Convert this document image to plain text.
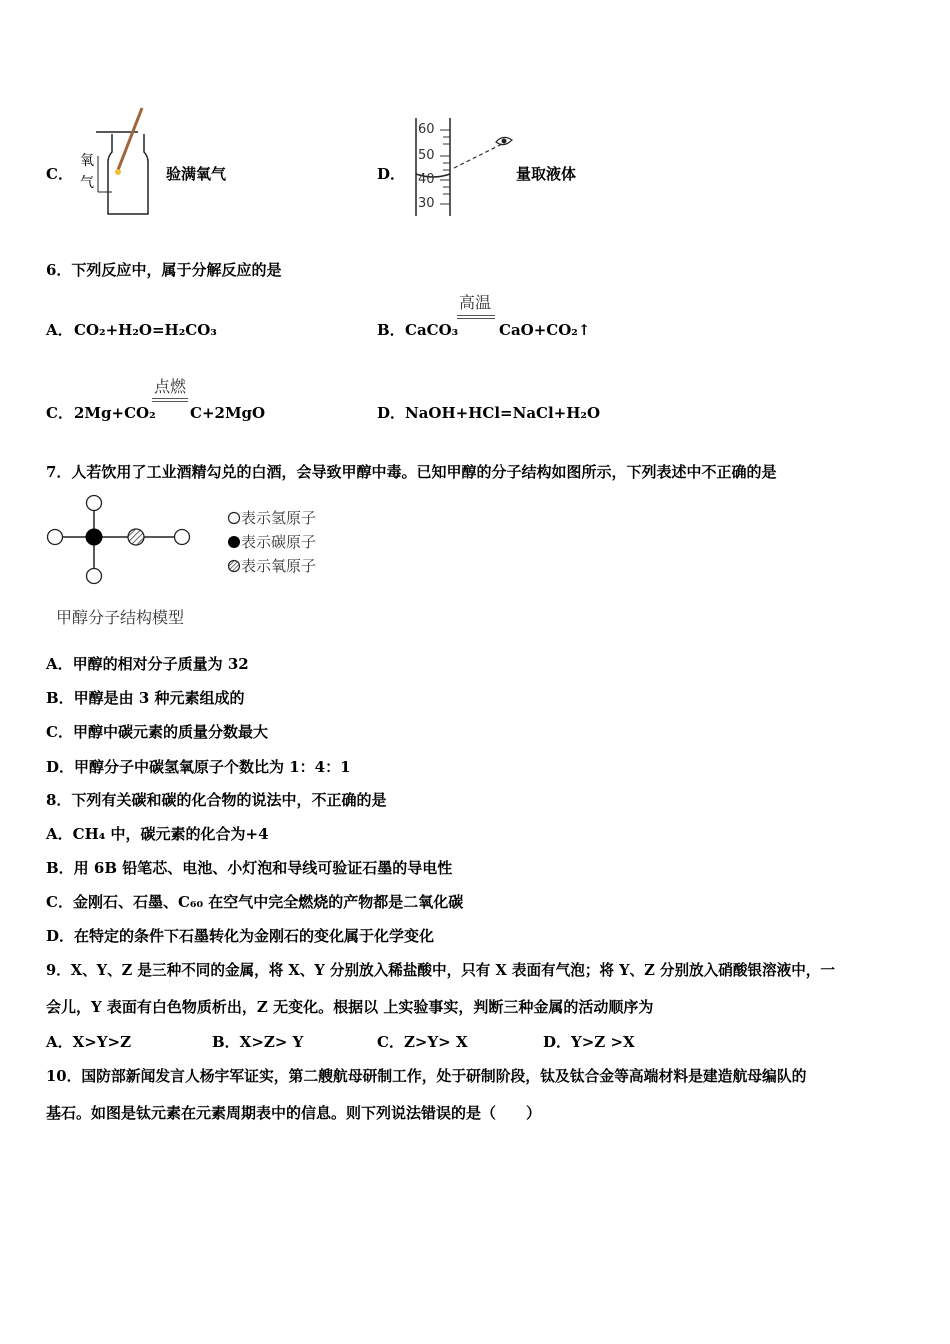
C．
氧
气	验满氧气	D．
60
50
40
30
量取液体
6．下列反应中，属于分解反应的是
A． CO₂+H₂O=H₂CO₃	B． CaCO₃
高温
CaO+CO₂↑
C． 2Mg+CO₂
点燃
C+2MgO	D． NaOH+HCl=NaCl+H₂O
7．人若饮用了工业酒精勾兑的白酒，会导致甲醇中毒。已知甲醇的分子结构如图所示，下列表述中不正确的是
表示氢原子
表示碳原子
表示氧原子
甲醇分子结构模型
A．甲醇的相对分子质量为 32
B．甲醇是由 3 种元素组成的
C．甲醇中碳元素的质量分数最大
D．甲醇分子中碳氢氧原子个数比为 1：4：1
8．下列有关碳和碳的化合物的说法中，不正确的是
A．CH₄ 中，碳元素的化合为+4
B．用 6B 铅笔芯、电池、小灯泡和导线可验证石墨的导电性
C．金刚石、石墨、C₆₀ 在空气中完全燃烧的产物都是二氧化碳
D．在特定的条件下石墨转化为金刚石的变化属于化学变化
9．X、Y、Z 是三种不同的金属，将 X、Y 分别放入稀盐酸中，只有 X 表面有气泡；将 Y、Z 分别放入硝酸银溶液中，一
会儿，Y 表面有白色物质析出，Z 无变化。根据以 上实验事实，判断三种金属的活动顺序为
A．X>Y>Z	B．X>Z> Y	C．Z>Y> X	D．Y>Z >X
10．国防部新闻发言人杨宇军证实，第二艘航母研制工作，处于研制阶段，钛及钛合金等高端材料是建造航母编队的
基石。如图是钛元素在元素周期表中的信息。则下列说法错误的是（　　）
